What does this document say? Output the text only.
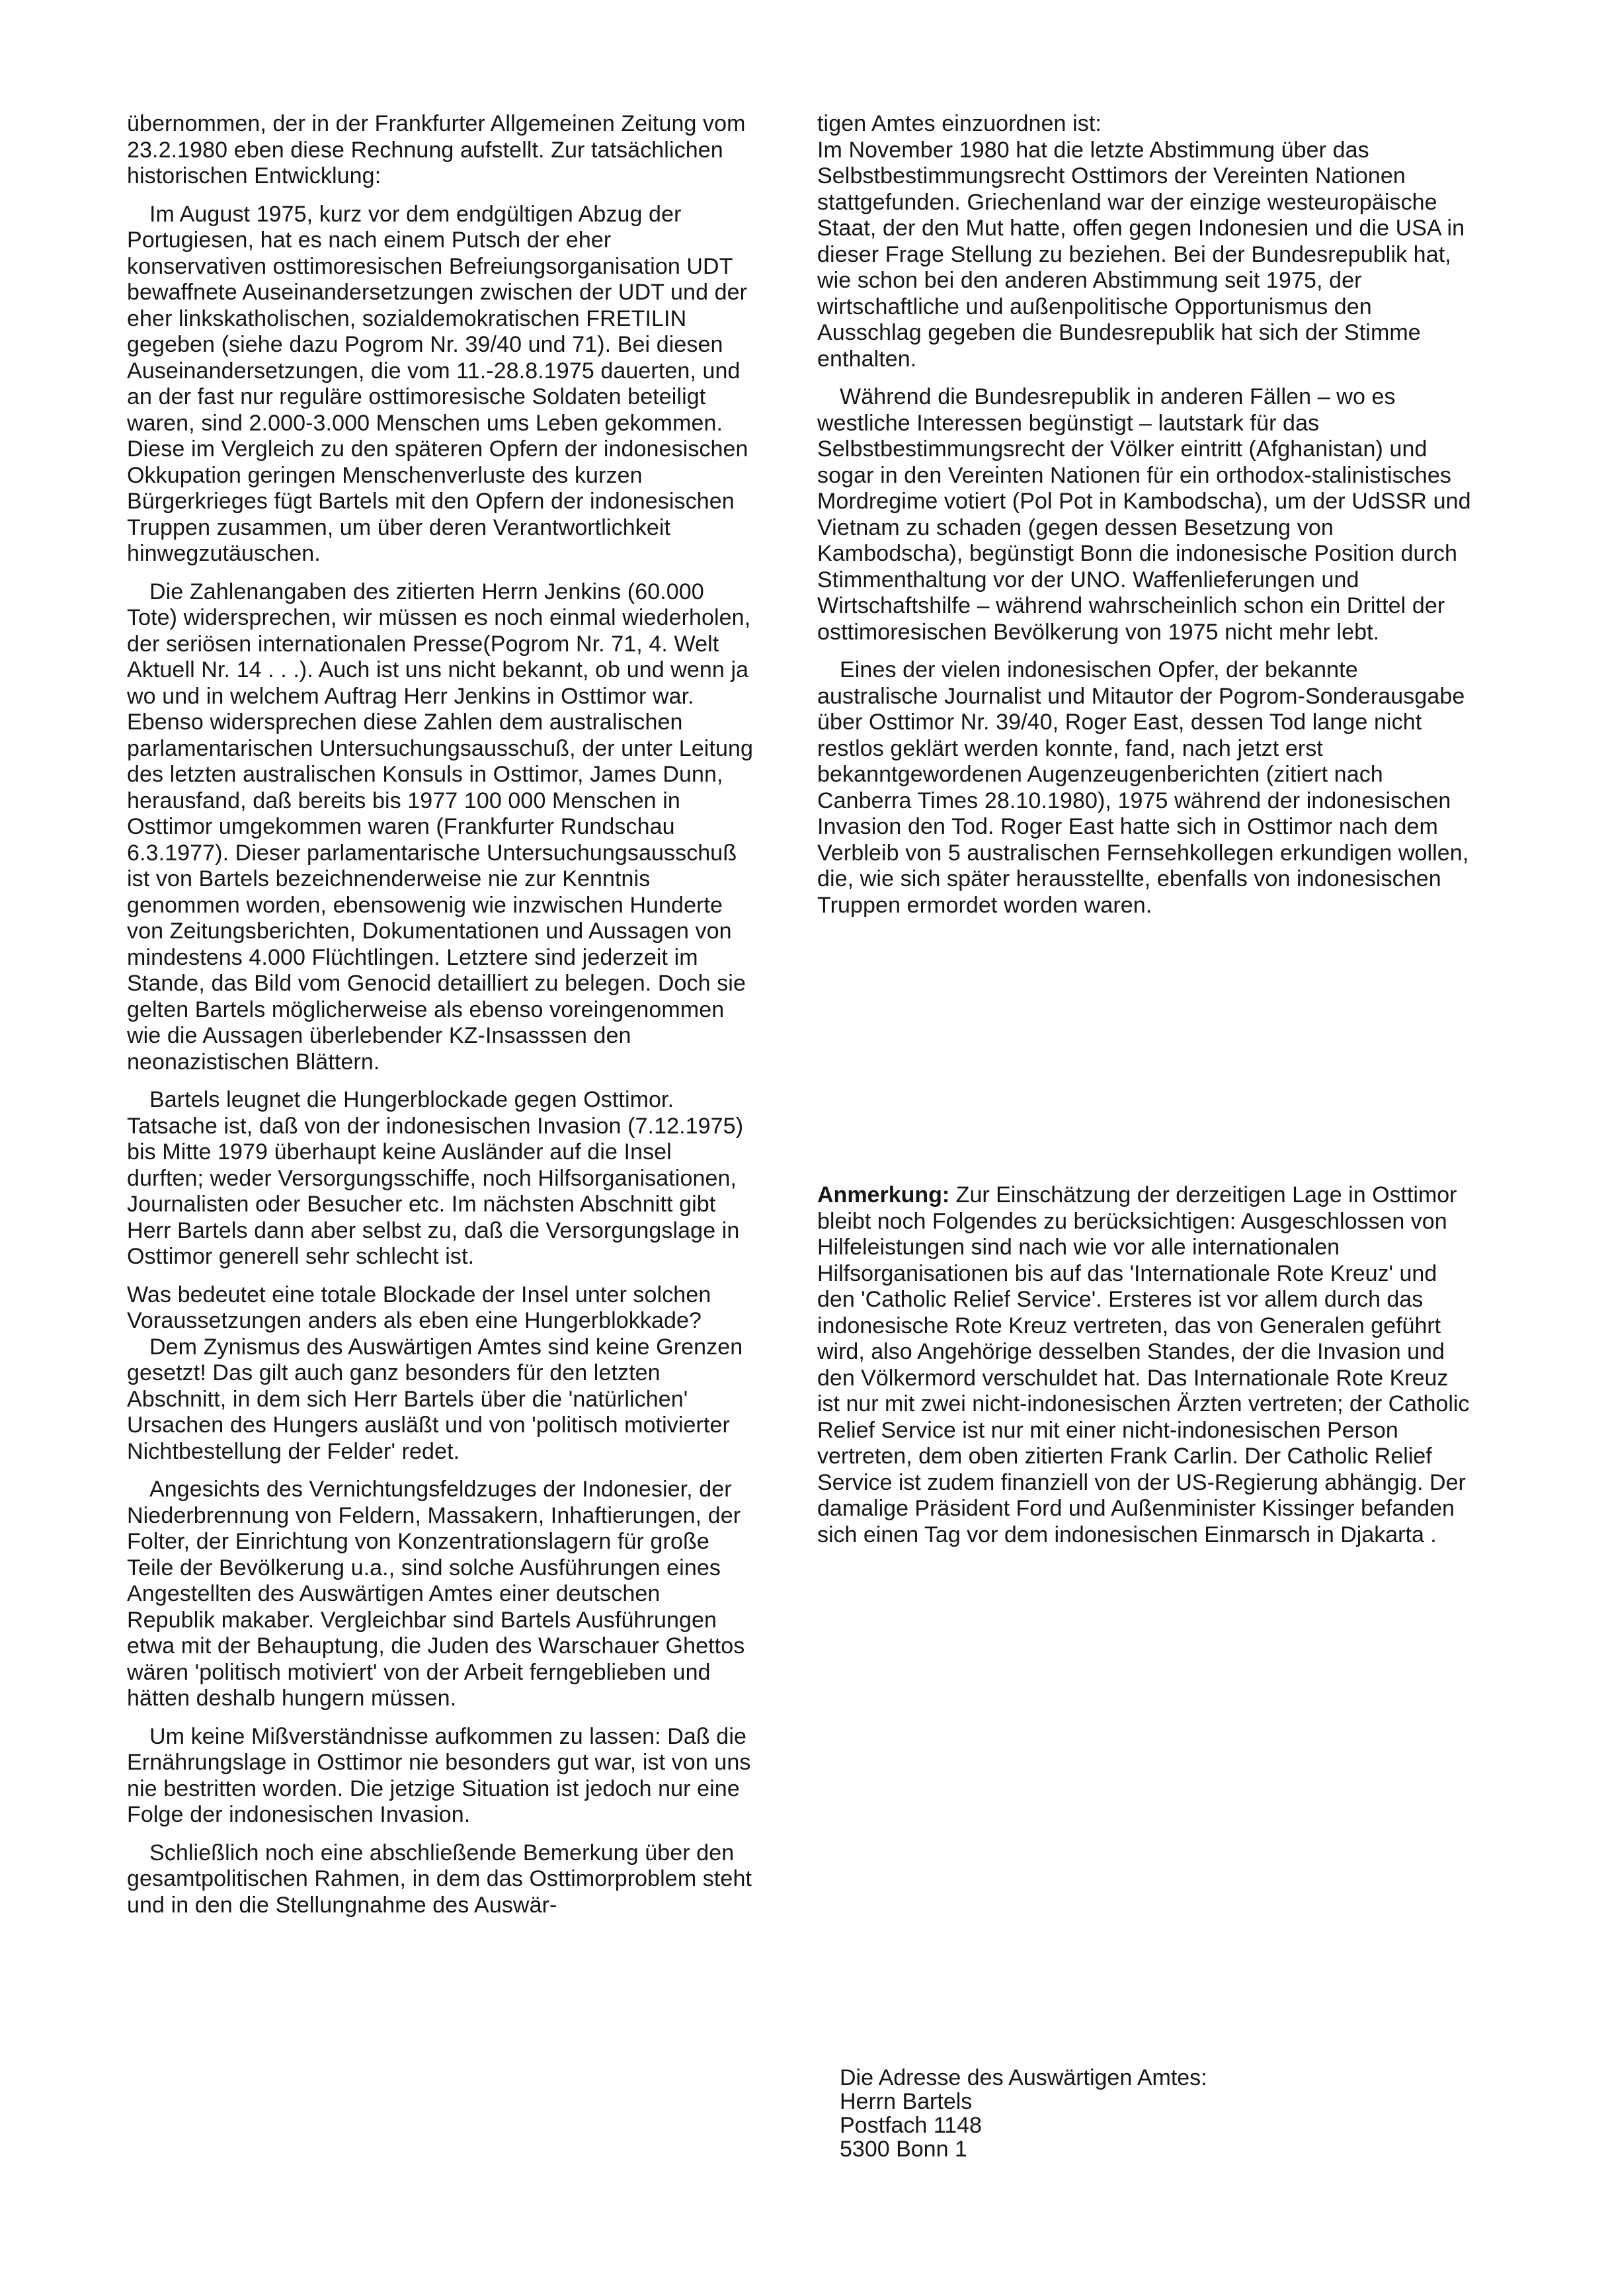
übernommen, der in der Frankfurter Allgemeinen Zeitung vom 23.2.1980 eben diese Rechnung aufstellt. Zur tatsächlichen historischen Entwicklung:

Im August 1975, kurz vor dem endgültigen Abzug der Portugiesen, hat es nach einem Putsch der eher konservativen osttimoresischen Befreiungsorganisation UDT bewaffnete Auseinandersetzungen zwischen der UDT und der eher linkskatholischen, sozialdemokratischen FRETILIN gegeben (siehe dazu Pogrom Nr. 39/40 und 71). Bei diesen Auseinandersetzungen, die vom 11.-28.8.1975 dauerten, und an der fast nur reguläre osttimoresische Soldaten beteiligt waren, sind 2.000-3.000 Menschen ums Leben gekommen. Diese im Vergleich zu den späteren Opfern der indonesischen Okkupation geringen Menschenverluste des kurzen Bürgerkrieges fügt Bartels mit den Opfern der indonesischen Truppen zusammen, um über deren Verantwortlichkeit hinwegzutäuschen.

Die Zahlenangaben des zitierten Herrn Jenkins (60.000 Tote) widersprechen, wir müssen es noch einmal wiederholen, der seriösen internationalen Presse(Pogrom Nr. 71, 4. Welt Aktuell Nr. 14 . . .). Auch ist uns nicht bekannt, ob und wenn ja wo und in welchem Auftrag Herr Jenkins in Osttimor war. Ebenso widersprechen diese Zahlen dem australischen parlamentarischen Untersuchungsausschuß, der unter Leitung des letzten australischen Konsuls in Osttimor, James Dunn, herausfand, daß bereits bis 1977 100 000 Menschen in Osttimor umgekommen waren (Frankfurter Rundschau 6.3.1977). Dieser parlamentarische Untersuchungsausschuß ist von Bartels bezeichnenderweise nie zur Kenntnis genommen worden, ebensowenig wie inzwischen Hunderte von Zeitungsberichten, Dokumentationen und Aussagen von mindestens 4.000 Flüchtlingen. Letztere sind jederzeit im Stande, das Bild vom Genocid detailliert zu belegen. Doch sie gelten Bartels möglicherweise als ebenso voreingenommen wie die Aussagen überlebender KZ-Insasssen den neonazistischen Blättern.

Bartels leugnet die Hungerblockade gegen Osttimor. Tatsache ist, daß von der indonesischen Invasion (7.12.1975) bis Mitte 1979 überhaupt keine Ausländer auf die Insel durften; weder Versorgungsschiffe, noch Hilfsorganisationen, Journalisten oder Besucher etc. Im nächsten Abschnitt gibt Herr Bartels dann aber selbst zu, daß die Versorgungslage in Osttimor generell sehr schlecht ist.

Was bedeutet eine totale Blockade der Insel unter solchen Voraussetzungen anders als eben eine Hungerblokkade?

Dem Zynismus des Auswärtigen Amtes sind keine Grenzen gesetzt! Das gilt auch ganz besonders für den letzten Abschnitt, in dem sich Herr Bartels über die 'natürlichen' Ursachen des Hungers ausläßt und von 'politisch motivierter Nichtbestellung der Felder' redet.

Angesichts des Vernichtungsfeldzuges der Indonesier, der Niederbrennung von Feldern, Massakern, Inhaftierungen, der Folter, der Einrichtung von Konzentrationslagern für große Teile der Bevölkerung u.a., sind solche Ausführungen eines Angestellten des Auswärtigen Amtes einer deutschen Republik makaber. Vergleichbar sind Bartels Ausführungen etwa mit der Behauptung, die Juden des Warschauer Ghettos wären 'politisch motiviert' von der Arbeit ferngeblieben und hätten deshalb hungern müssen.

Um keine Mißverständnisse aufkommen zu lassen: Daß die Ernährungslage in Osttimor nie besonders gut war, ist von uns nie bestritten worden. Die jetzige Situation ist jedoch nur eine Folge der indonesischen Invasion.

Schließlich noch eine abschließende Bemerkung über den gesamtpolitischen Rahmen, in dem das Osttimorproblem steht und in den die Stellungnahme des Auswär-

tigen Amtes einzuordnen ist:

Im November 1980 hat die letzte Abstimmung über das Selbstbestimmungsrecht Osttimors der Vereinten Nationen stattgefunden. Griechenland war der einzige westeuropäische Staat, der den Mut hatte, offen gegen Indonesien und die USA in dieser Frage Stellung zu beziehen. Bei der Bundesrepublik hat, wie schon bei den anderen Abstimmung seit 1975, der wirtschaftliche und außenpolitische Opportunismus den Ausschlag gegeben die Bundesrepublik hat sich der Stimme enthalten.

Während die Bundesrepublik in anderen Fällen – wo es westliche Interessen begünstigt – lautstark für das Selbstbestimmungsrecht der Völker eintritt (Afghanistan) und sogar in den Vereinten Nationen für ein orthodox-stalinistisches Mordregime votiert (Pol Pot in Kambodscha), um der UdSSR und Vietnam zu schaden (gegen dessen Besetzung von Kambodscha), begünstigt Bonn die indonesische Position durch Stimmenthaltung vor der UNO. Waffenlieferungen und Wirtschaftshilfe – während wahrscheinlich schon ein Drittel der osttimoresischen Bevölkerung von 1975 nicht mehr lebt.

Eines der vielen indonesischen Opfer, der bekannte australische Journalist und Mitautor der Pogrom-Sonderausgabe über Osttimor Nr. 39/40, Roger East, dessen Tod lange nicht restlos geklärt werden konnte, fand, nach jetzt erst bekanntgewordenen Augenzeugenberichten (zitiert nach Canberra Times 28.10.1980), 1975 während der indonesischen Invasion den Tod. Roger East hatte sich in Osttimor nach dem Verbleib von 5 australischen Fernsehkollegen erkundigen wollen, die, wie sich später herausstellte, ebenfalls von indonesischen Truppen ermordet worden waren.

Anmerkung: Zur Einschätzung der derzeitigen Lage in Osttimor bleibt noch Folgendes zu berücksichtigen: Ausgeschlossen von Hilfeleistungen sind nach wie vor alle internationalen Hilfsorganisationen bis auf das 'Internationale Rote Kreuz' und den 'Catholic Relief Service'. Ersteres ist vor allem durch das indonesische Rote Kreuz vertreten, das von Generalen geführt wird, also Angehörige desselben Standes, der die Invasion und den Völkermord verschuldet hat. Das Internationale Rote Kreuz ist nur mit zwei nicht-indonesischen Ärzten vertreten; der Catholic Relief Service ist nur mit einer nicht-indonesischen Person vertreten, dem oben zitierten Frank Carlin. Der Catholic Relief Service ist zudem finanziell von der US-Regierung abhängig. Der damalige Präsident Ford und Außenminister Kissinger befanden sich einen Tag vor dem indonesischen Einmarsch in Djakarta .

Die Adresse des Auswärtigen Amtes:
Herrn Bartels
Postfach 1148
5300 Bonn 1
